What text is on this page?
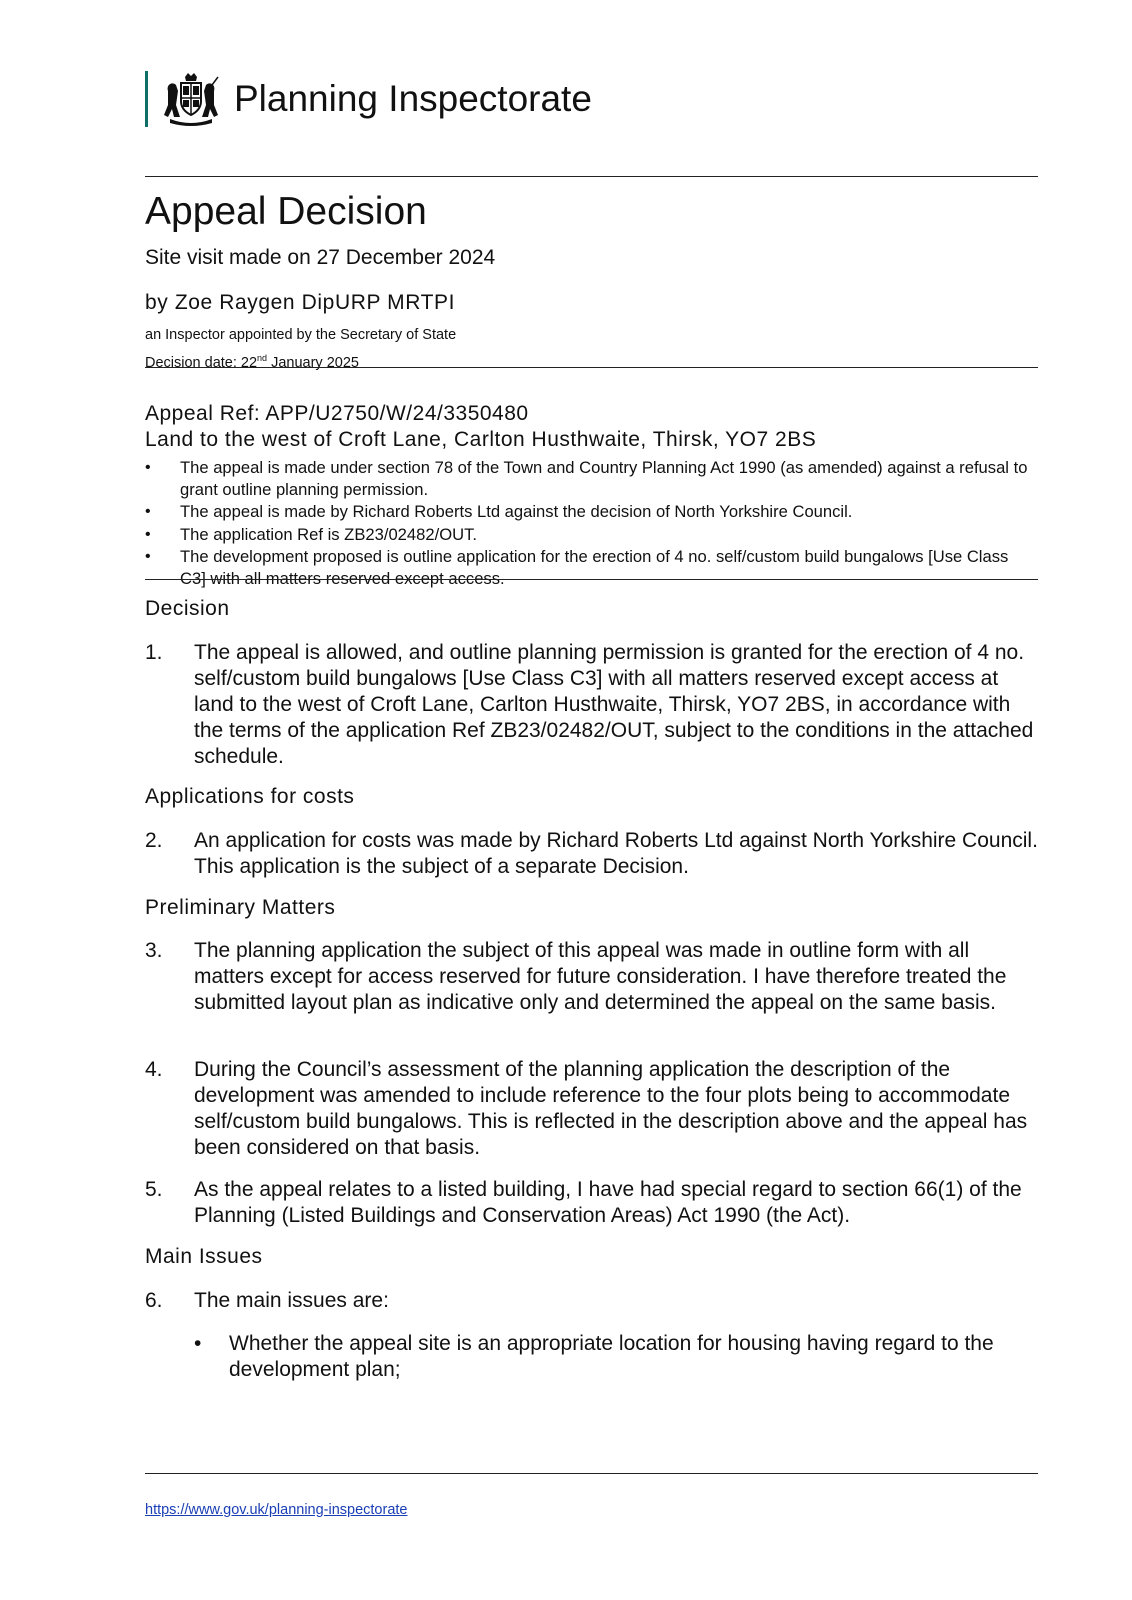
Planning Inspectorate
Appeal Decision
Site visit made on 27 December 2024
by Zoe Raygen DipURP MRTPI
an Inspector appointed by the Secretary of State
Decision date: 22nd January 2025
Appeal Ref: APP/U2750/W/24/3350480
Land to the west of Croft Lane, Carlton Husthwaite, Thirsk, YO7 2BS
• The appeal is made under section 78 of the Town and Country Planning Act 1990 (as amended) against a refusal to grant outline planning permission.
• The appeal is made by Richard Roberts Ltd against the decision of North Yorkshire Council.
• The application Ref is ZB23/02482/OUT.
• The development proposed is outline application for the erection of 4 no. self/custom build bungalows [Use Class C3] with all matters reserved except access.
Decision
1. The appeal is allowed, and outline planning permission is granted for the erection of 4 no. self/custom build bungalows [Use Class C3] with all matters reserved except access at land to the west of Croft Lane, Carlton Husthwaite, Thirsk, YO7 2BS, in accordance with the terms of the application Ref ZB23/02482/OUT, subject to the conditions in the attached schedule.
Applications for costs
2. An application for costs was made by Richard Roberts Ltd against North Yorkshire Council. This application is the subject of a separate Decision.
Preliminary Matters
3. The planning application the subject of this appeal was made in outline form with all matters except for access reserved for future consideration. I have therefore treated the submitted layout plan as indicative only and determined the appeal on the same basis.
4. During the Council’s assessment of the planning application the description of the development was amended to include reference to the four plots being to accommodate self/custom build bungalows. This is reflected in the description above and the appeal has been considered on that basis.
5. As the appeal relates to a listed building, I have had special regard to section 66(1) of the Planning (Listed Buildings and Conservation Areas) Act 1990 (the Act).
Main Issues
6. The main issues are:
• Whether the appeal site is an appropriate location for housing having regard to the development plan;
https://www.gov.uk/planning-inspectorate
